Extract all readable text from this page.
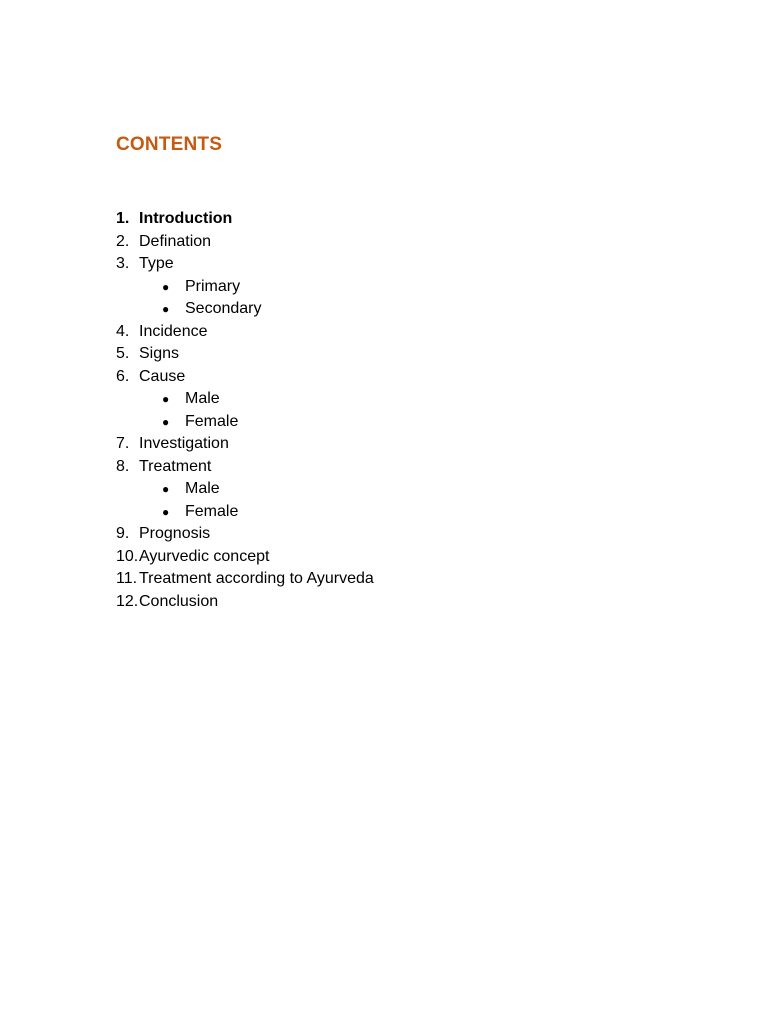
CONTENTS
1. Introduction
2. Defination
3. Type
● Primary
● Secondary
4. Incidence
5. Signs
6. Cause
● Male
● Female
7. Investigation
8. Treatment
● Male
● Female
9. Prognosis
10.Ayurvedic concept
11. Treatment according to Ayurveda
12.Conclusion
